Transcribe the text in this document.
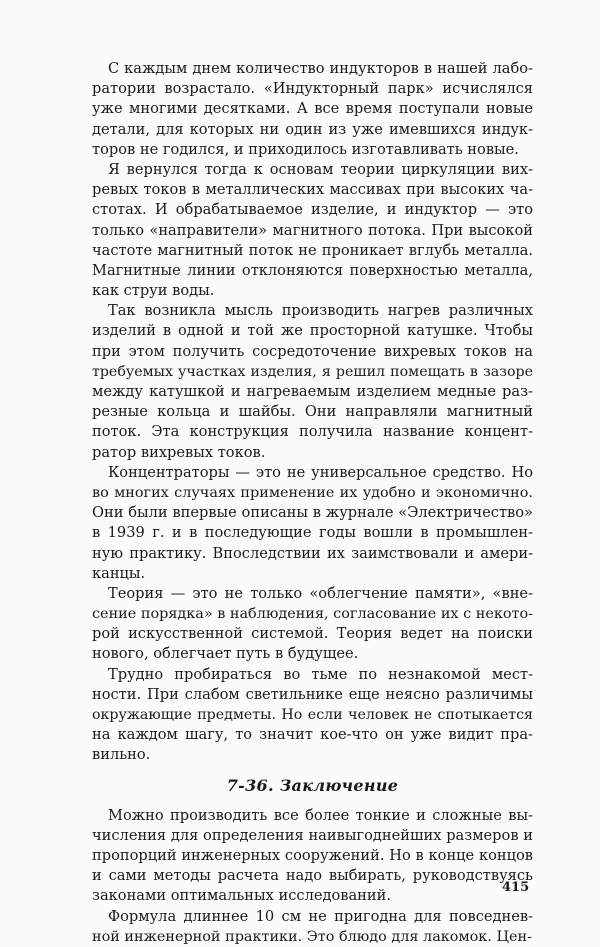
С каждым днем количество индукторов в нашей лабо-
ратории возрастало. «Индукторный парк» исчислялся
уже многими десятками. А все время поступали новые
детали, для которых ни один из уже имевшихся индук-
торов не годился, и приходилось изготавливать новые.
Я вернулся тогда к основам теории циркуляции вих-
ревых токов в металлических массивах при высоких ча-
стотах. И обрабатываемое изделие, и индуктор — это
только «направители» магнитного потока. При высокой
частоте магнитный поток не проникает вглубь металла.
Магнитные линии отклоняются поверхностью металла,
как струи воды.
Так возникла мысль производить нагрев различных
изделий в одной и той же просторной катушке. Чтобы
при этом получить сосредоточение вихревых токов на
требуемых участках изделия, я решил помещать в зазоре
между катушкой и нагреваемым изделием медные раз-
резные кольца и шайбы. Они направляли магнитный
поток. Эта конструкция получила название концент-
ратор вихревых токов.
Концентраторы — это не универсальное средство. Но
во многих случаях применение их удобно и экономично.
Они были впервые описаны в журнале «Электричество»
в 1939 г. и в последующие годы вошли в промышлен-
ную практику. Впоследствии их заимствовали и амери-
канцы.
Теория — это не только «облегчение памяти», «вне-
сение порядка» в наблюдения, согласование их с некото-
рой искусственной системой. Теория ведет на поиски
нового, облегчает путь в будущее.
Трудно пробираться во тьме по незнакомой мест-
ности. При слабом светильнике еще неясно различимы
окружающие предметы. Но если человек не спотыкается
на каждом шагу, то значит кое-что он уже видит пра-
вильно.
7-36. Заключение
Можно производить все более тонкие и сложные вы-
числения для определения наивыгоднейших размеров и
пропорций инженерных сооружений. Но в конце концов
и сами методы расчета надо выбирать, руководствуясь
законами оптимальных исследований.
Формула длиннее 10 см не пригодна для повседнев-
ной инженерной практики. Это блюдо для лакомок. Цен-
415
